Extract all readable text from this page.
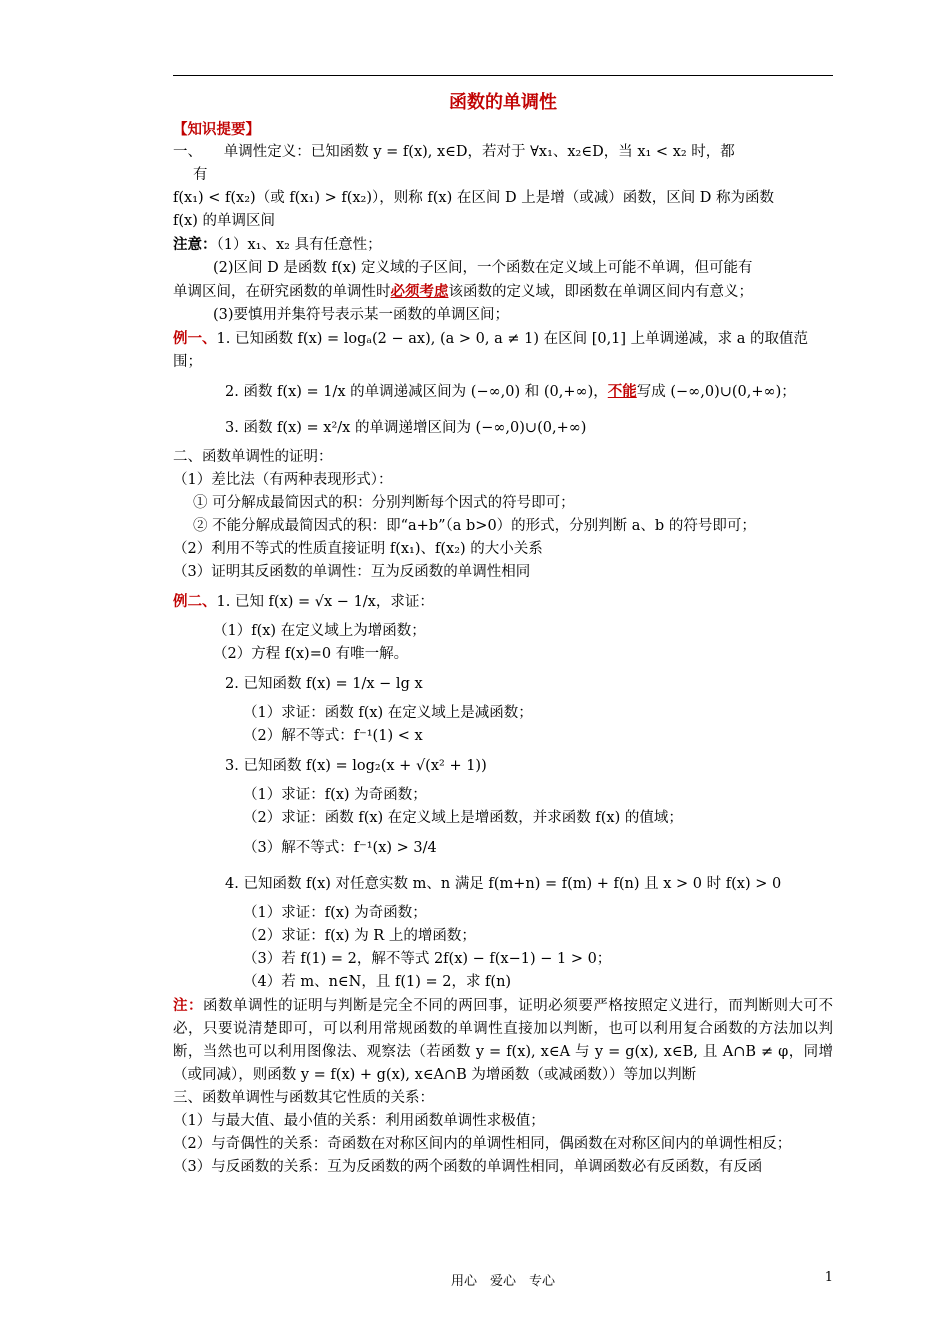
函数的单调性
【知识提要】
一、　　单调性定义：已知函数 y = f(x), x∈D，若对于 ∀x₁、x₂∈D，当 x₁ < x₂ 时，都
有
f(x₁) < f(x₂)（或 f(x₁) > f(x₂)），则称 f(x) 在区间 D 上是增（或减）函数，区间 D 称为函数
f(x) 的单调区间
注意：（1）x₁、x₂ 具有任意性；
(2)区间 D 是函数 f(x) 定义域的子区间，一个函数在定义域上可能不单调，但可能有
单调区间，在研究函数的单调性时必须考虑该函数的定义域，即函数在单调区间内有意义；
(3)要慎用并集符号表示某一函数的单调区间；
例一、1. 已知函数 f(x) = logₐ(2 − ax), (a > 0, a ≠ 1) 在区间 [0,1] 上单调递减，求 a 的取值范
围；
2. 函数 f(x) = 1/x 的单调递减区间为 (−∞,0) 和 (0,+∞)，不能写成 (−∞,0)∪(0,+∞)；
3. 函数 f(x) = x²/x 的单调递增区间为 (−∞,0)∪(0,+∞)
二、函数单调性的证明：
（1）差比法（有两种表现形式）：
① 可分解成最简因式的积：分别判断每个因式的符号即可；
② 不能分解成最简因式的积：即“a+b”（a b>0）的形式，分别判断 a、b 的符号即可；
（2）利用不等式的性质直接证明 f(x₁)、f(x₂) 的大小关系
（3）证明其反函数的单调性：互为反函数的单调性相同
例二、1. 已知 f(x) = √x − 1/x，求证：
（1）f(x) 在定义域上为增函数；
（2）方程 f(x)=0 有唯一解。
2. 已知函数 f(x) = 1/x − lg x
（1）求证：函数 f(x) 在定义域上是减函数；
（2）解不等式：f⁻¹(1) < x
3. 已知函数 f(x) = log₂(x + √(x² + 1))
（1）求证：f(x) 为奇函数；
（2）求证：函数 f(x) 在定义域上是增函数，并求函数 f(x) 的值域；
（3）解不等式：f⁻¹(x) > 3/4
4. 已知函数 f(x) 对任意实数 m、n 满足 f(m+n) = f(m) + f(n) 且 x > 0 时 f(x) > 0
（1）求证：f(x) 为奇函数；
（2）求证：f(x) 为 R 上的增函数；
（3）若 f(1) = 2，解不等式 2f(x) − f(x−1) − 1 > 0；
（4）若 m、n∈N，且 f(1) = 2，求 f(n)
注：函数单调性的证明与判断是完全不同的两回事，证明必须要严格按照定义进行，而判断则大可不必，只要说清楚即可，可以利用常规函数的单调性直接加以判断，也可以利用复合函数的方法加以判断，当然也可以利用图像法、观察法（若函数 y = f(x), x∈A 与 y = g(x), x∈B, 且 A∩B ≠ φ，同增（或同减），则函数 y = f(x) + g(x), x∈A∩B 为增函数（或减函数））等加以判断
三、函数单调性与函数其它性质的关系：
（1）与最大值、最小值的关系：利用函数单调性求极值；
（2）与奇偶性的关系：奇函数在对称区间内的单调性相同，偶函数在对称区间内的单调性相反；
（3）与反函数的关系：互为反函数的两个函数的单调性相同，单调函数必有反函数，有反函
用心　爱心　专心	1
